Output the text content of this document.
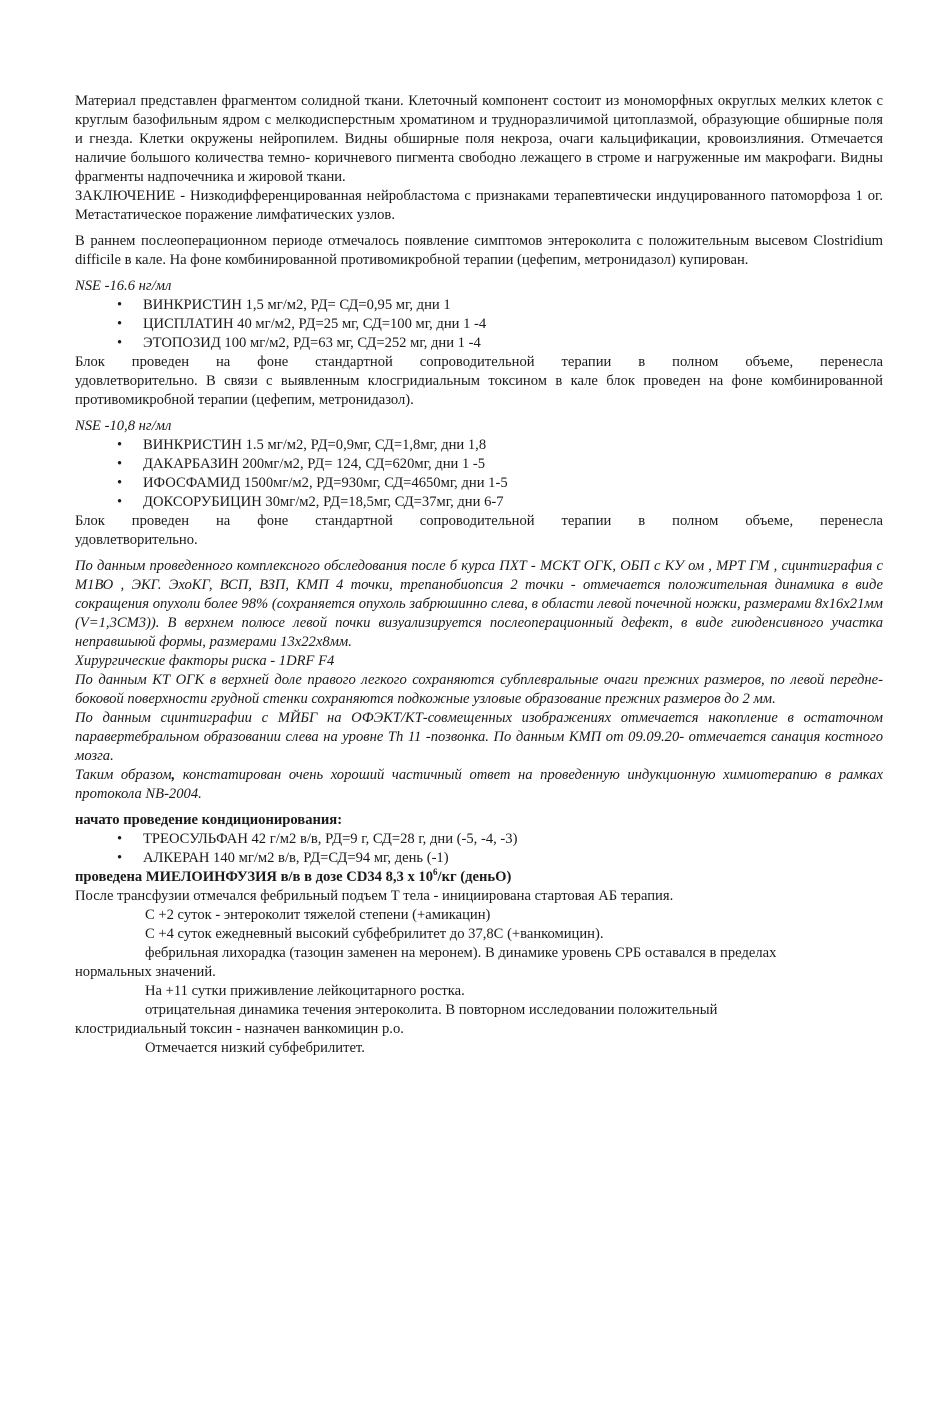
Материал представлен фрагментом солидной ткани. Клеточный компонент состоит из мономорфных округлых мелких клеток с круглым базофильным ядром с мелкодисперстным хроматином и трудноразличимой цитоплазмой, образующие обширные поля и гнезда. Клетки окружены нейропилем. Видны обширные поля некроза, очаги кальцификации, кровоизлияния. Отмечается наличие большого количества темно- коричневого пигмента свободно лежащего в строме и нагруженные им макрофаги. Видны фрагменты надпочечника и жировой ткани.

ЗАКЛЮЧЕНИЕ - Низкодифференцированная нейробластома с признаками терапевтически индуцированного патоморфоза 1 ог. Метастатическое поражение лимфатических узлов.

В раннем послеоперационном периоде отмечалось появление симптомов энтероколита с положительным высевом Clostridium difficile в кале. На фоне комбинированной противомикробной терапии (цефепим, метронидазол) купирован.

NSE -16.6 нг/мл

• ВИНКРИСТИН 1,5 мг/м2, РД= СД=0,95 мг, дни 1
• ЦИСПЛАТИН 40 мг/м2, РД=25 мг, СД=100 мг, дни 1 -4
• ЭТОПОЗИД 100 мг/м2, РД=63 мг, СД=252 мг, дни 1 -4

Блок проведен на фоне стандартной сопроводительной терапии в полном объеме, перенесла

удовлетворительно. В связи с выявленным клосгридиальным токсином в кале блок проведен на фоне комбинированной противомикробной терапии (цефепим, метронидазол).

NSE -10,8 нг/мл

• ВИНКРИСТИН 1.5 мг/м2, РД=0,9мг, СД=1,8мг, дни 1,8
• ДАКАРБАЗИН 200мг/м2, РД= 124, СД=620мг, дни 1 -5
• ИФОСФАМИД 1500мг/м2, РД=930мг, СД=4650мг, дни 1-5
• ДОКСОРУБИЦИН 30мг/м2, РД=18,5мг, СД=37мг, дни 6-7

Блок проведен на фоне стандартной сопроводительной терапии в полном объеме, перенесла

удовлетворительно.

По данным проведенного комплексного обследования после б курса ПХТ - МСКТ ОГК, ОБП с КУ ом , МРТ ГМ , сцинтиграфия с М1ВО , ЭКГ. ЭхоКГ, ВСП, ВЗП, КМП 4 точки, трепанобиопсия 2 точки - отмечается положительная динамика в виде сокращения опухоли более 98% (сохраняется опухоль забрюшинно слева, в области левой почечной ножки, размерами 8х16х21мм (V=1,3СМ3)). В верхнем полюсе левой почки визуализируется послеоперационный дефект, в виде гиюденсивного участка неправшыюй формы, размерами 13х22х8мм.

Хирургические факторы риска - 1DRF F4

По данным КТ ОГК в верхней доле правого легкого сохраняются субплевральные очаги прежних размеров, по левой передне-боковой поверхности грудной стенки сохраняются подкожные узловые образование прежних размеров до 2 мм.

По данным сцинтиграфии с МЙБГ на ОФЭКТ/КТ-совмещенных изображениях отмечается накопление в остаточном паравертебральном образовании слева на уровне Th 11 -позвонка. По данным КМП от 09.09.20- отмечается санация костного мозга.

Таким образом, констатирован очень хороший частичный ответ на проведенную индукционную химиотерапию в рамках протокола NB-2004.

начато проведение кондиционирования:

• ТРЕОСУЛЬФАН 42 г/м2 в/в, РД=9 г, СД=28 г, дни (-5, -4, -3)
• АЛКЕРАН 140 мг/м2 в/в, РД=СД=94 мг, день (-1)

проведена МИЕЛОИНФУЗИЯ в/в в дозе CD34 8,3 х $10^6/кг$ (деньО)

После трансфузии отмечался фебрильный подъем Т тела - инициирована стартовая АБ терапия.

С +2 суток - энтероколит тяжелой степени (+амикацин)

С +4 суток ежедневный высокий субфебрилитет до 37,8С (+ванкомицин).

фебрильная лихорадка (тазоцин заменен на меронем). В динамике уровень СРБ оставался в пределах

нормальных значений.

На +11 сутки приживление лейкоцитарного ростка.

отрицательная динамика течения энтероколита. В повторном исследовании положительный

клостридиальный токсин - назначен ванкомицин р.о.

Отмечается низкий субфебрилитет.
